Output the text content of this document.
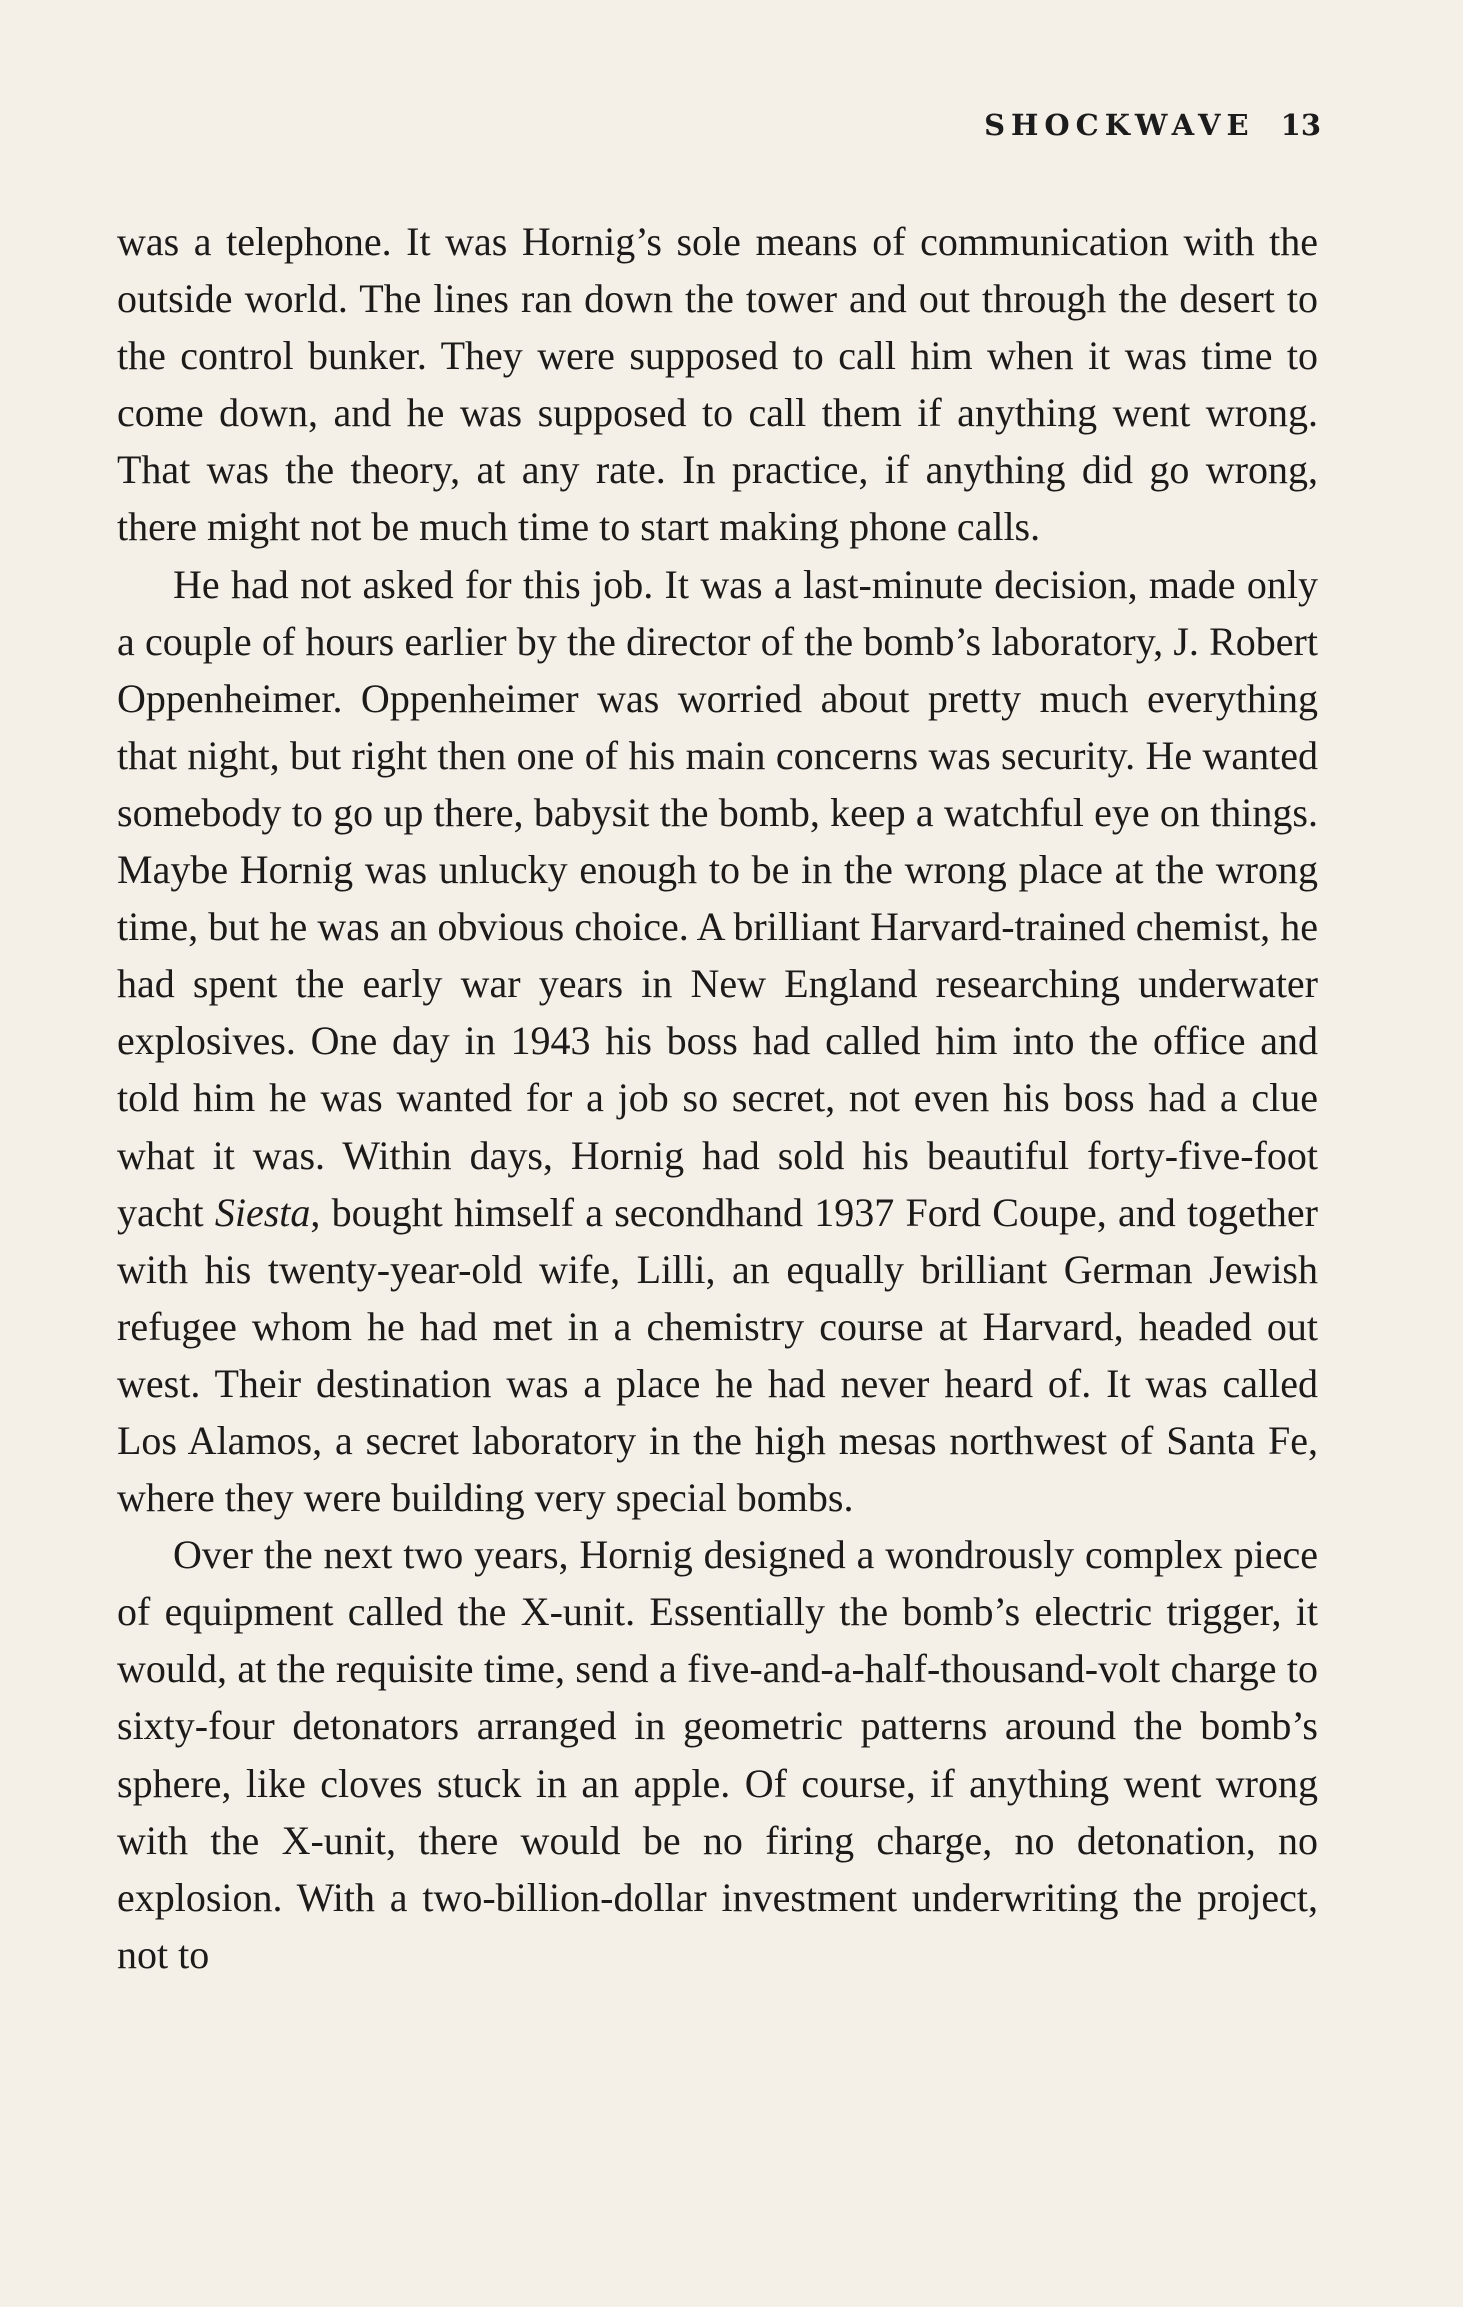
SHOCKWAVE 13

was a telephone. It was Hornig’s sole means of communication with the outside world. The lines ran down the tower and out through the desert to the control bunker. They were supposed to call him when it was time to come down, and he was supposed to call them if anything went wrong. That was the theory, at any rate. In practice, if anything did go wrong, there might not be much time to start making phone calls.

He had not asked for this job. It was a last-minute decision, made only a couple of hours earlier by the director of the bomb’s laboratory, J. Robert Oppenheimer. Oppenheimer was worried about pretty much everything that night, but right then one of his main concerns was security. He wanted somebody to go up there, babysit the bomb, keep a watchful eye on things. Maybe Hornig was unlucky enough to be in the wrong place at the wrong time, but he was an obvious choice. A brilliant Harvard-trained chemist, he had spent the early war years in New England researching underwater explosives. One day in 1943 his boss had called him into the office and told him he was wanted for a job so secret, not even his boss had a clue what it was. Within days, Hornig had sold his beautiful forty-five-foot yacht Siesta, bought himself a secondhand 1937 Ford Coupe, and together with his twenty-year-old wife, Lilli, an equally brilliant German Jewish refugee whom he had met in a chemistry course at Harvard, headed out west. Their destination was a place he had never heard of. It was called Los Alamos, a secret laboratory in the high mesas northwest of Santa Fe, where they were building very special bombs.

Over the next two years, Hornig designed a wondrously complex piece of equipment called the X-unit. Essentially the bomb’s electric trigger, it would, at the requisite time, send a five-and-a-half-thousand-volt charge to sixty-four detonators arranged in geometric patterns around the bomb’s sphere, like cloves stuck in an apple. Of course, if anything went wrong with the X-unit, there would be no firing charge, no detonation, no explosion. With a two-billion-dollar investment underwriting the project, not to
